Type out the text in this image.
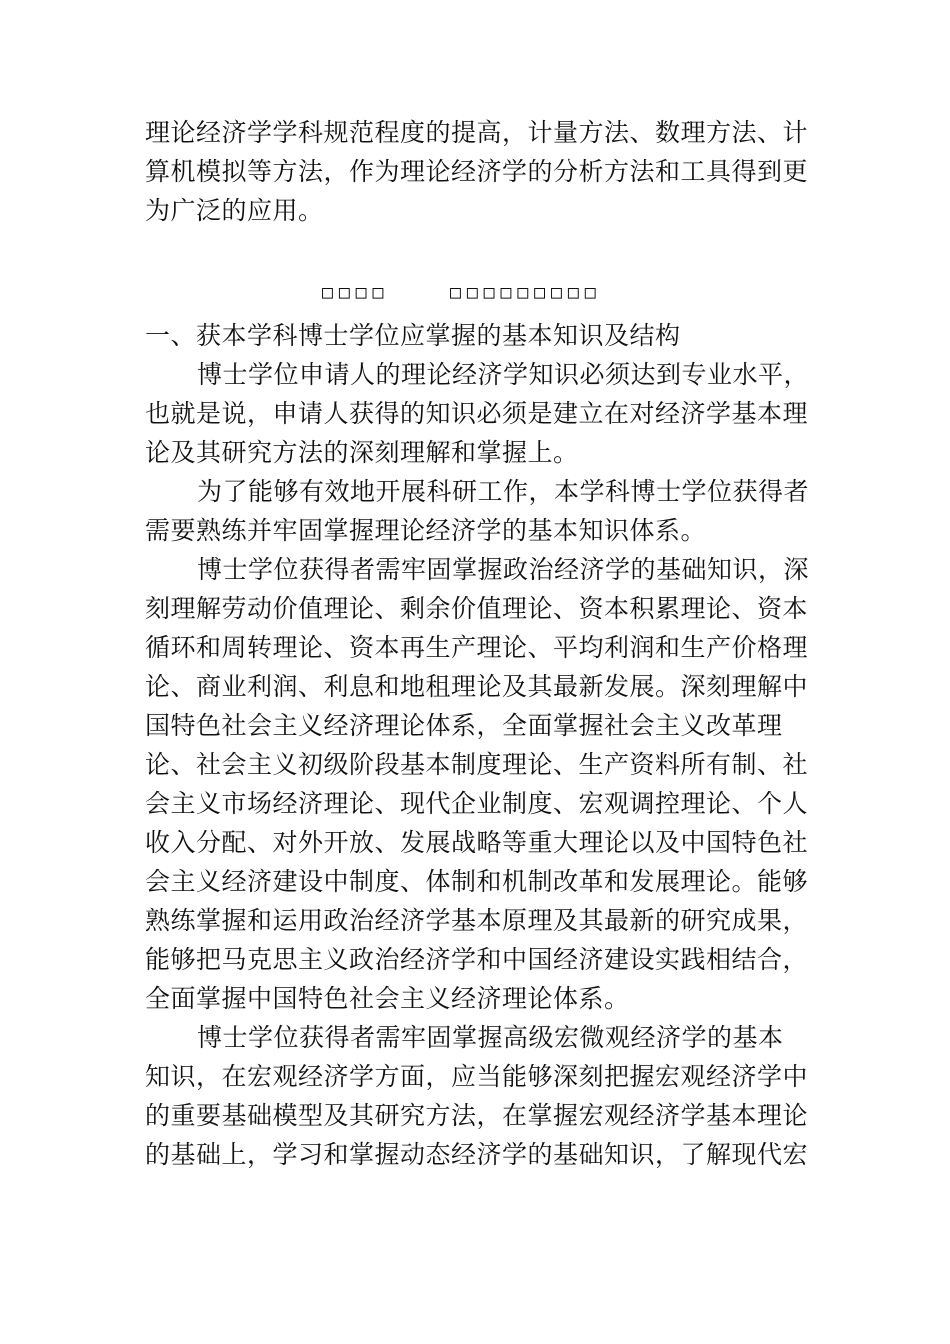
理论经济学学科规范程度的提高，计量方法、数理方法、计
算机模拟等方法，作为理论经济学的分析方法和工具得到更
为广泛的应用。
□□□□	□□□□□□□□□
一、获本学科博士学位应掌握的基本知识及结构
博士学位申请人的理论经济学知识必须达到专业水平，
也就是说，申请人获得的知识必须是建立在对经济学基本理
论及其研究方法的深刻理解和掌握上。
为了能够有效地开展科研工作，本学科博士学位获得者
需要熟练并牢固掌握理论经济学的基本知识体系。
博士学位获得者需牢固掌握政治经济学的基础知识，深
刻理解劳动价值理论、剩余价值理论、资本积累理论、资本
循环和周转理论、资本再生产理论、平均利润和生产价格理
论、商业利润、利息和地租理论及其最新发展。深刻理解中
国特色社会主义经济理论体系，全面掌握社会主义改革理
论、社会主义初级阶段基本制度理论、生产资料所有制、社
会主义市场经济理论、现代企业制度、宏观调控理论、个人
收入分配、对外开放、发展战略等重大理论以及中国特色社
会主义经济建设中制度、体制和机制改革和发展理论。能够
熟练掌握和运用政治经济学基本原理及其最新的研究成果，
能够把马克思主义政治经济学和中国经济建设实践相结合，
全面掌握中国特色社会主义经济理论体系。
博士学位获得者需牢固掌握高级宏微观经济学的基本
知识，在宏观经济学方面，应当能够深刻把握宏观经济学中
的重要基础模型及其研究方法，在掌握宏观经济学基本理论
的基础上，学习和掌握动态经济学的基础知识，了解现代宏
